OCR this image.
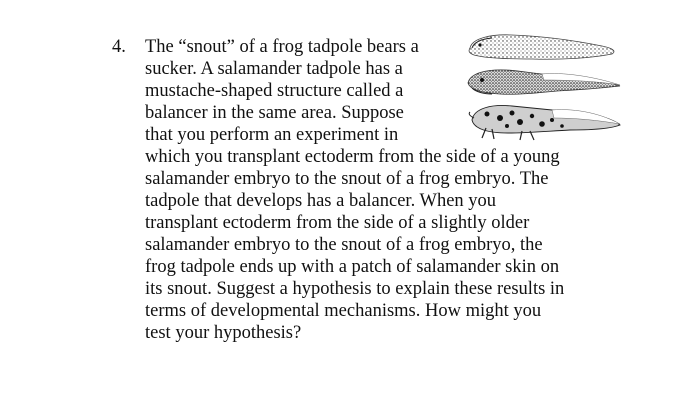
4. The “snout” of a frog tadpole bears a
sucker. A salamander tadpole has a
mustache-shaped structure called a
balancer in the same area. Suppose
that you perform an experiment in
which you transplant ectoderm from the side of a young
salamander embryo to the snout of a frog embryo. The
tadpole that develops has a balancer. When you
transplant ectoderm from the side of a slightly older
salamander embryo to the snout of a frog embryo, the
frog tadpole ends up with a patch of salamander skin on
its snout. Suggest a hypothesis to explain these results in
terms of developmental mechanisms. How might you
test your hypothesis?
